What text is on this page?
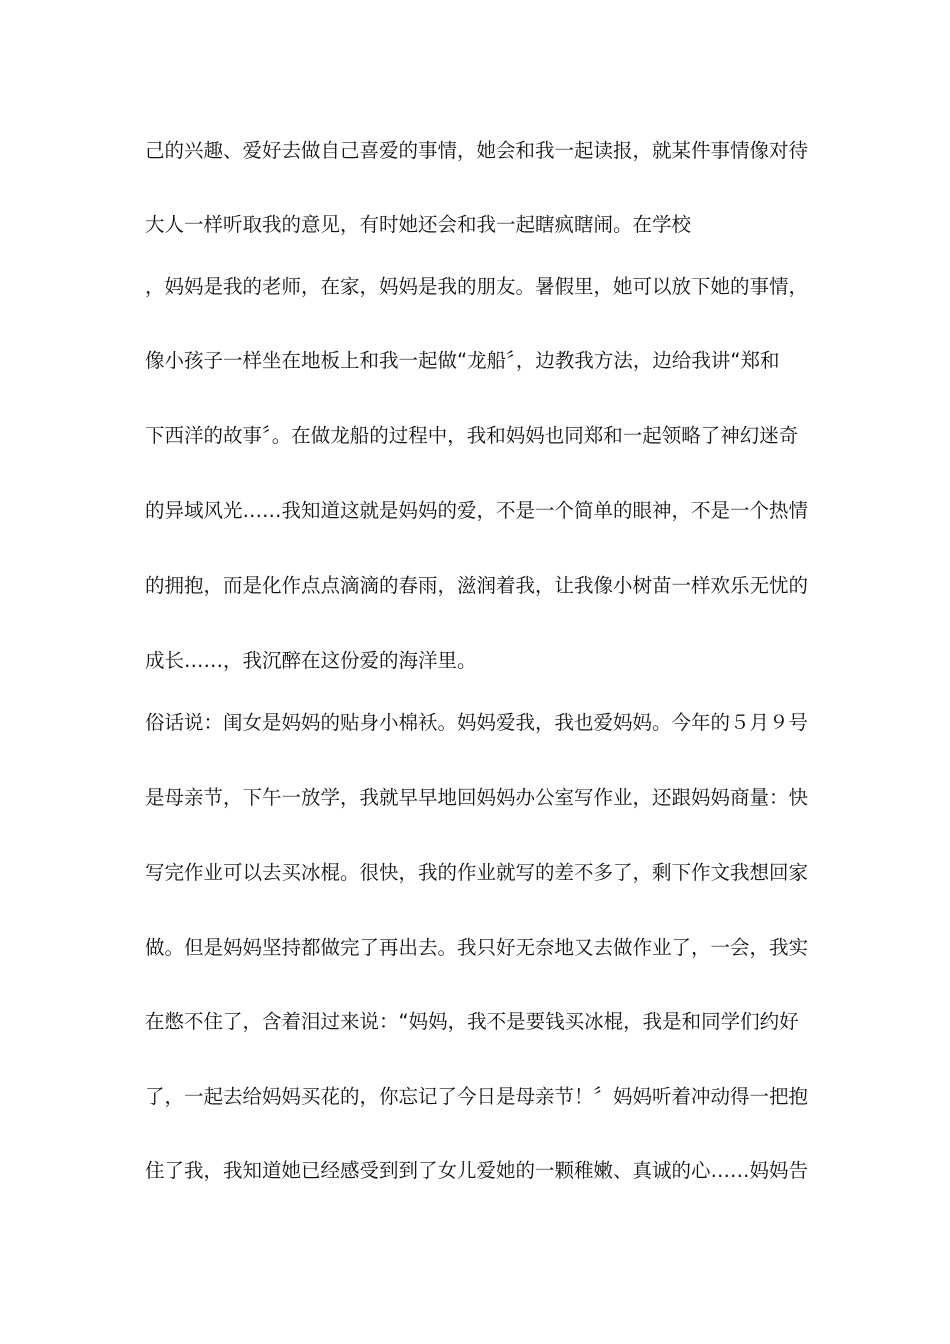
己的兴趣、爱好去做自己喜爱的事情，她会和我一起读报，就某件事情像对待
大人一样听取我的意见，有时她还会和我一起瞎疯瞎闹。在学校
，妈妈是我的老师，在家，妈妈是我的朋友。暑假里，她可以放下她的事情，
像小孩子一样坐在地板上和我一起做“龙船〞，边教我方法，边给我讲“郑和
下西洋的故事〞。在做龙船的过程中，我和妈妈也同郑和一起领略了神幻迷奇
的异域风光……我知道这就是妈妈的爱，不是一个简单的眼神，不是一个热情
的拥抱，而是化作点点滴滴的春雨，滋润着我，让我像小树苗一样欢乐无忧的
成长……，我沉醉在这份爱的海洋里。
俗话说：闺女是妈妈的贴身小棉袄。妈妈爱我，我也爱妈妈。今年的５月９号
是母亲节，下午一放学，我就早早地回妈妈办公室写作业，还跟妈妈商量：快
写完作业可以去买冰棍。很快，我的作业就写的差不多了，剩下作文我想回家
做。但是妈妈坚持都做完了再出去。我只好无奈地又去做作业了，一会，我实
在憋不住了，含着泪过来说：“妈妈，我不是要钱买冰棍，我是和同学们约好
了，一起去给妈妈买花的，你忘记了今日是母亲节！〞妈妈听着冲动得一把抱
住了我，我知道她已经感受到到了女儿爱她的一颗稚嫩、真诚的心……妈妈告
